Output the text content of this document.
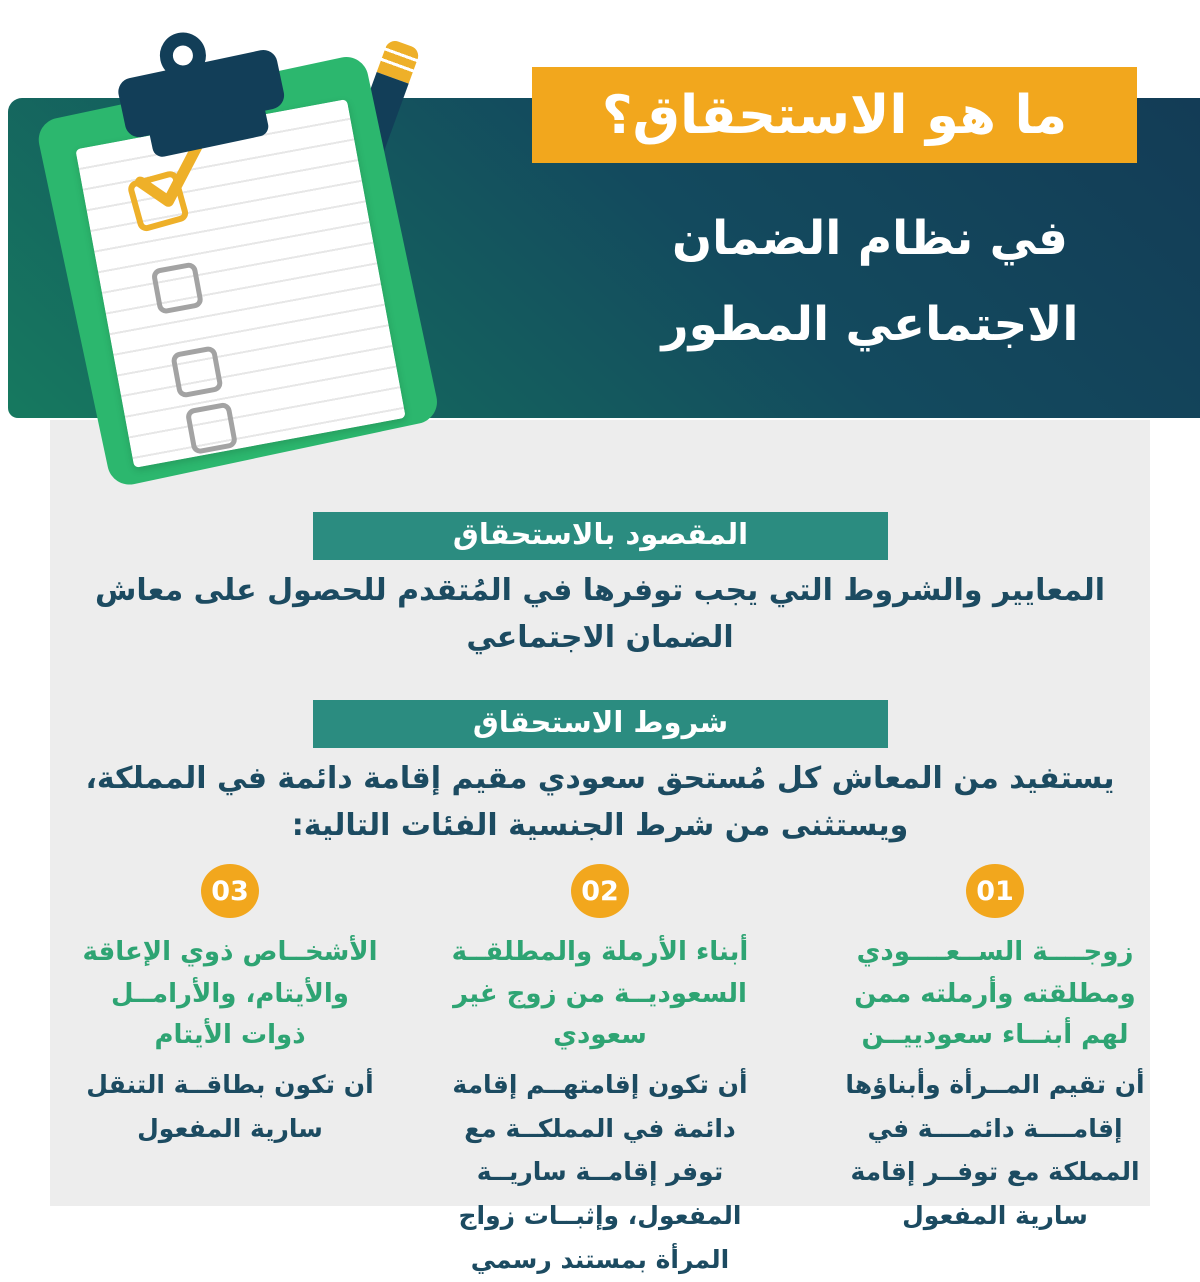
المقصود بالاستحقاق
المعايير والشروط التي يجب توفرها في المُتقدم للحصول على معاش الضمان الاجتماعي
شروط الاستحقاق
يستفيد من المعاش كل مُستحق سعودي مقيم إقامة دائمة في المملكة، ويستثنى من شرط الجنسية الفئات التالية:
01
زوجــــة الســعــــودي ومطلقته وأرملته ممن لهم أبنــاء سعودييــن
أن تقيم المــرأة وأبناؤها إقامــــة دائمــــة في المملكة مع توفــر إقامة سارية المفعول
02
أبناء الأرملة والمطلقــة السعوديــة من زوج غير سعودي
أن تكون إقامتهــم إقامة دائمة في المملكــة مع توفر إقامــة ساريــة المفعول، وإثبــات زواج المرأة بمستند رسمي
03
الأشخــاص ذوي الإعاقة والأيتام، والأرامــل ذوات الأيتام
أن تكون بطاقــة التنقل سارية المفعول
ما هو الاستحقاق؟
في نظام الضمان
الاجتماعي المطور
